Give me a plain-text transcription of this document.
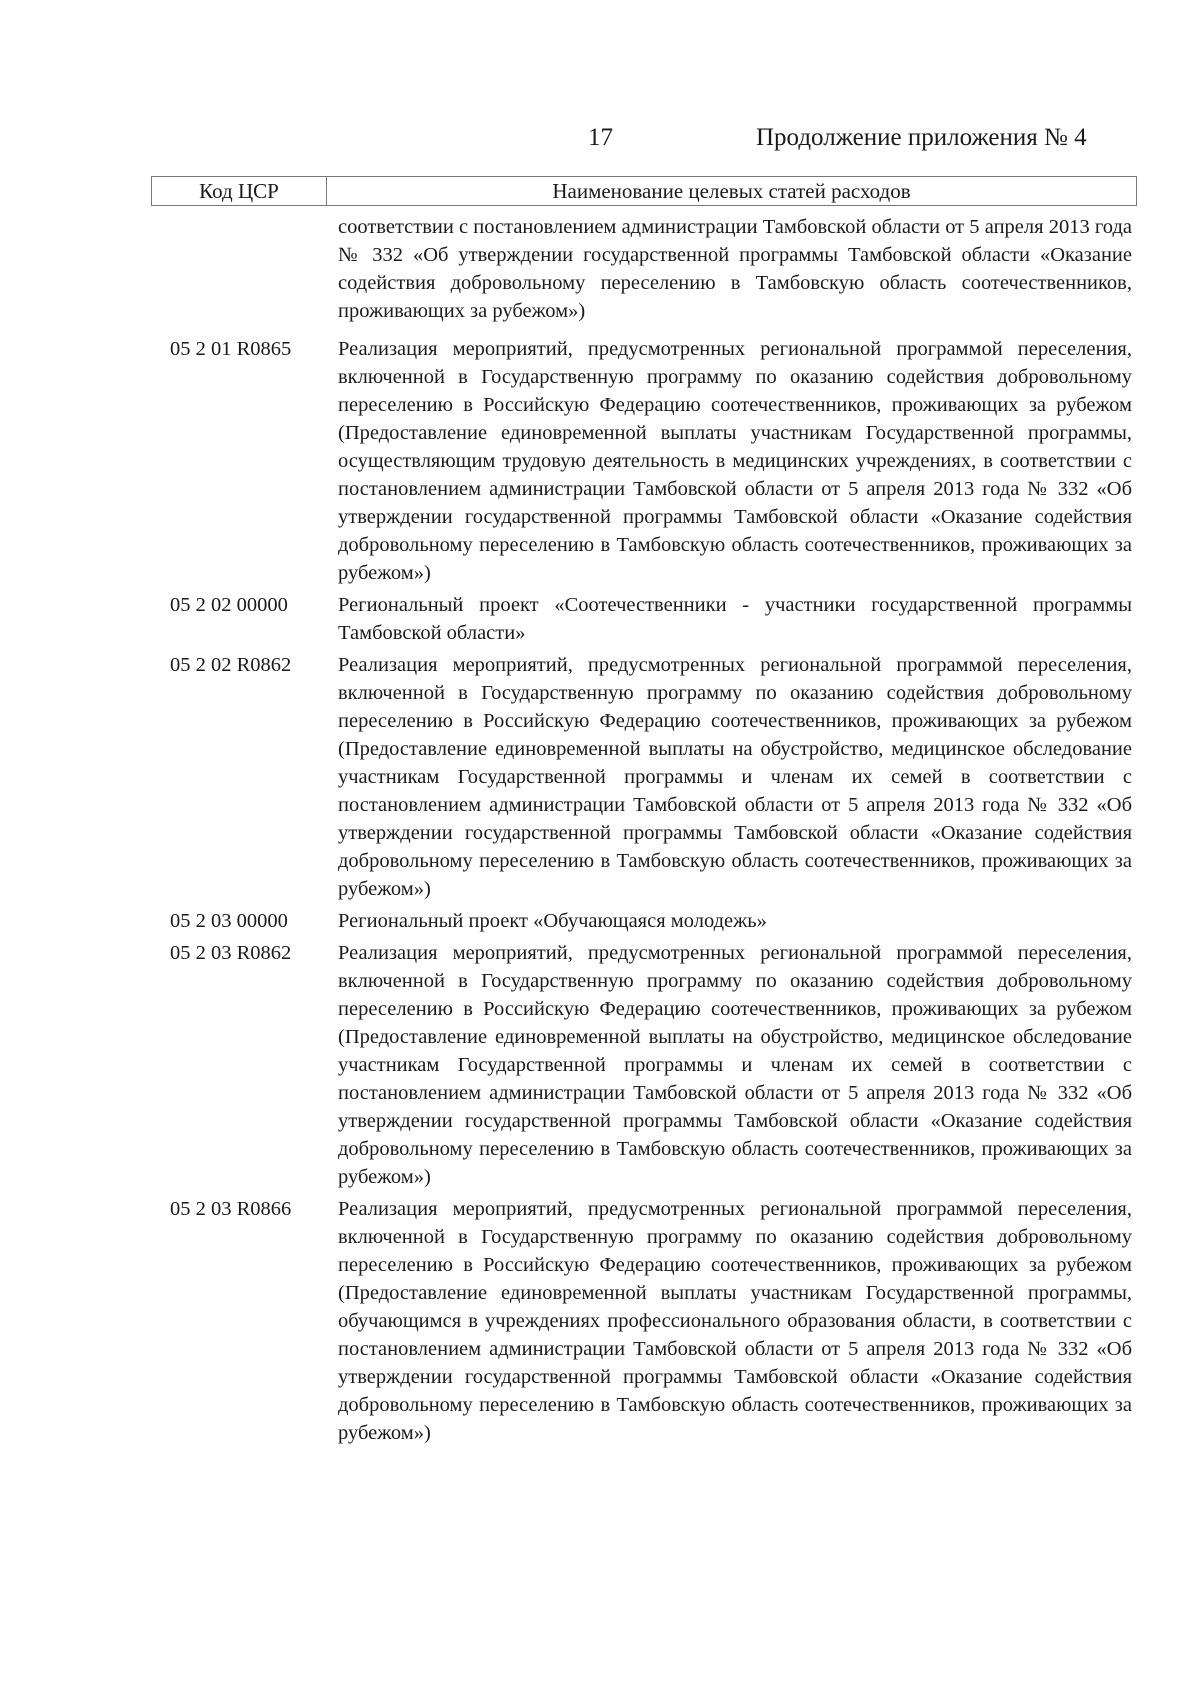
17	Продолжение приложения № 4
Код ЦСР	Наименование целевых статей расходов
соответствии с постановлением администрации Тамбовской области от 5 апреля 2013 года № 332 «Об утверждении государственной программы Тамбовской области «Оказание содействия добровольному переселению в Тамбовскую область соотечественников, проживающих за рубежом»)
05 2 01 R0865	Реализация мероприятий, предусмотренных региональной программой переселения, включенной в Государственную программу по оказанию содействия добровольному переселению в Российскую Федерацию соотечественников, проживающих за рубежом (Предоставление единовременной выплаты участникам Государственной программы, осуществляющим трудовую деятельность в медицинских учреждениях, в соответствии с постановлением администрации Тамбовской области от 5 апреля 2013 года № 332 «Об утверждении государственной программы Тамбовской области «Оказание содействия добровольному переселению в Тамбовскую область соотечественников, проживающих за рубежом»)
05 2 02 00000	Региональный проект «Соотечественники - участники государственной программы Тамбовской области»
05 2 02 R0862	Реализация мероприятий, предусмотренных региональной программой переселения, включенной в Государственную программу по оказанию содействия добровольному переселению в Российскую Федерацию соотечественников, проживающих за рубежом (Предоставление единовременной выплаты на обустройство, медицинское обследование участникам Государственной программы и членам их семей в соответствии с постановлением администрации Тамбовской области от 5 апреля 2013 года № 332 «Об утверждении государственной программы Тамбовской области «Оказание содействия добровольному переселению в Тамбовскую область соотечественников, проживающих за рубежом»)
05 2 03 00000	Региональный проект «Обучающаяся молодежь»
05 2 03 R0862	Реализация мероприятий, предусмотренных региональной программой переселения, включенной в Государственную программу по оказанию содействия добровольному переселению в Российскую Федерацию соотечественников, проживающих за рубежом (Предоставление единовременной выплаты на обустройство, медицинское обследование участникам Государственной программы и членам их семей в соответствии с постановлением администрации Тамбовской области от 5 апреля 2013 года № 332 «Об утверждении государственной программы Тамбовской области «Оказание содействия добровольному переселению в Тамбовскую область соотечественников, проживающих за рубежом»)
05 2 03 R0866	Реализация мероприятий, предусмотренных региональной программой переселения, включенной в Государственную программу по оказанию содействия добровольному переселению в Российскую Федерацию соотечественников, проживающих за рубежом (Предоставление единовременной выплаты участникам Государственной программы, обучающимся в учреждениях профессионального образования области, в соответствии с постановлением администрации Тамбовской области от 5 апреля 2013 года № 332 «Об утверждении государственной программы Тамбовской области «Оказание содействия добровольному переселению в Тамбовскую область соотечественников, проживающих за рубежом»)
